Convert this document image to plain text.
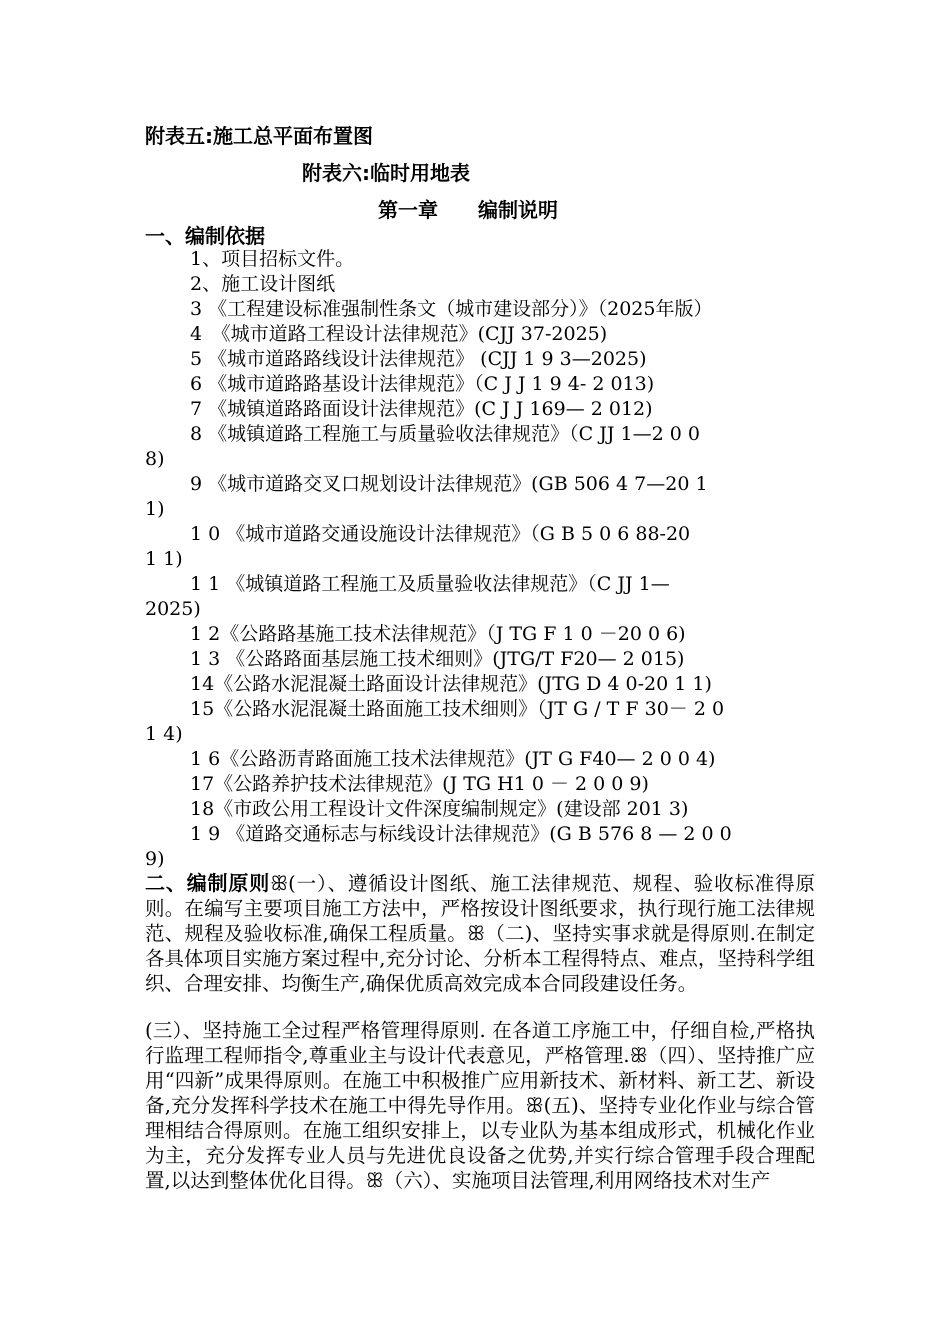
附表五:施工总平面布置图
附表六:临时用地表
第一章　　编制说明
一、编制依据
1、项目招标文件。
2、施工设计图纸
3 《工程建设标准强制性条文（城市建设部分）》（2025年版）
4　《城市道路工程设计法律规范》(CJJ 37-2025)
5 《城市道路路线设计法律规范》 (CJJ 1 9 3—2025)
6 《城市道路路基设计法律规范》（C J J 1 9 4- 2 013)
7 《城镇道路路面设计法律规范》(C J J 169— 2 012)
8 《城镇道路工程施工与质量验收法律规范》（C JJ 1—2 0 0
8)
9 《城市道路交叉口规划设计法律规范》(GB 506 4 7—20 1
1)
1 0 《城市道路交通设施设计法律规范》（G B 5 0 6 88-20
1 1)
1 1 《城镇道路工程施工及质量验收法律规范》（C JJ 1—
2025)
1 2《公路路基施工技术法律规范》（J TG F 1 0 －20 0 6)
1 3 《公路路面基层施工技术细则》(JTG/T F20— 2 015)
14《公路水泥混凝土路面设计法律规范》(JTG D 4 0-20 1 1)
15《公路水泥混凝土路面施工技术细则》（JT G / T F 30－ 2 0
1 4)
1 6《公路沥青路面施工技术法律规范》(JT G F40— 2 0 0 4)
17《公路养护技术法律规范》(J TG H1 0 － 2 0 0 9)
18《市政公用工程设计文件深度编制规定》(建设部 201 3)
1 9 《道路交通标志与标线设计法律规范》(G B 576 8 — 2 0 0
9)
二、编制原则ꕥ(一）、遵循设计图纸、施工法律规范、规程、验收标准得原则。在编写主要项目施工方法中，严格按设计图纸要求，执行现行施工法律规范、规程及验收标准,确保工程质量。ꕥ（二)、坚持实事求就是得原则.在制定各具体项目实施方案过程中,充分讨论、分析本工程得特点、难点，坚持科学组织、合理安排、均衡生产,确保优质高效完成本合同段建设任务。
(三）、坚持施工全过程严格管理得原则. 在各道工序施工中，仔细自检,严格执行监理工程师指令,尊重业主与设计代表意见，严格管理.ꕥ（四）、坚持推广应用“四新”成果得原则。在施工中积极推广应用新技术、新材料、新工艺、新设备,充分发挥科学技术在施工中得先导作用。ꕥ(五)、坚持专业化作业与综合管理相结合得原则。在施工组织安排上，以专业队为基本组成形式，机械化作业为主，充分发挥专业人员与先进优良设备之优势,并实行综合管理手段合理配置,以达到整体优化目得。ꕥ（六）、实施项目法管理,利用网络技术对生产
